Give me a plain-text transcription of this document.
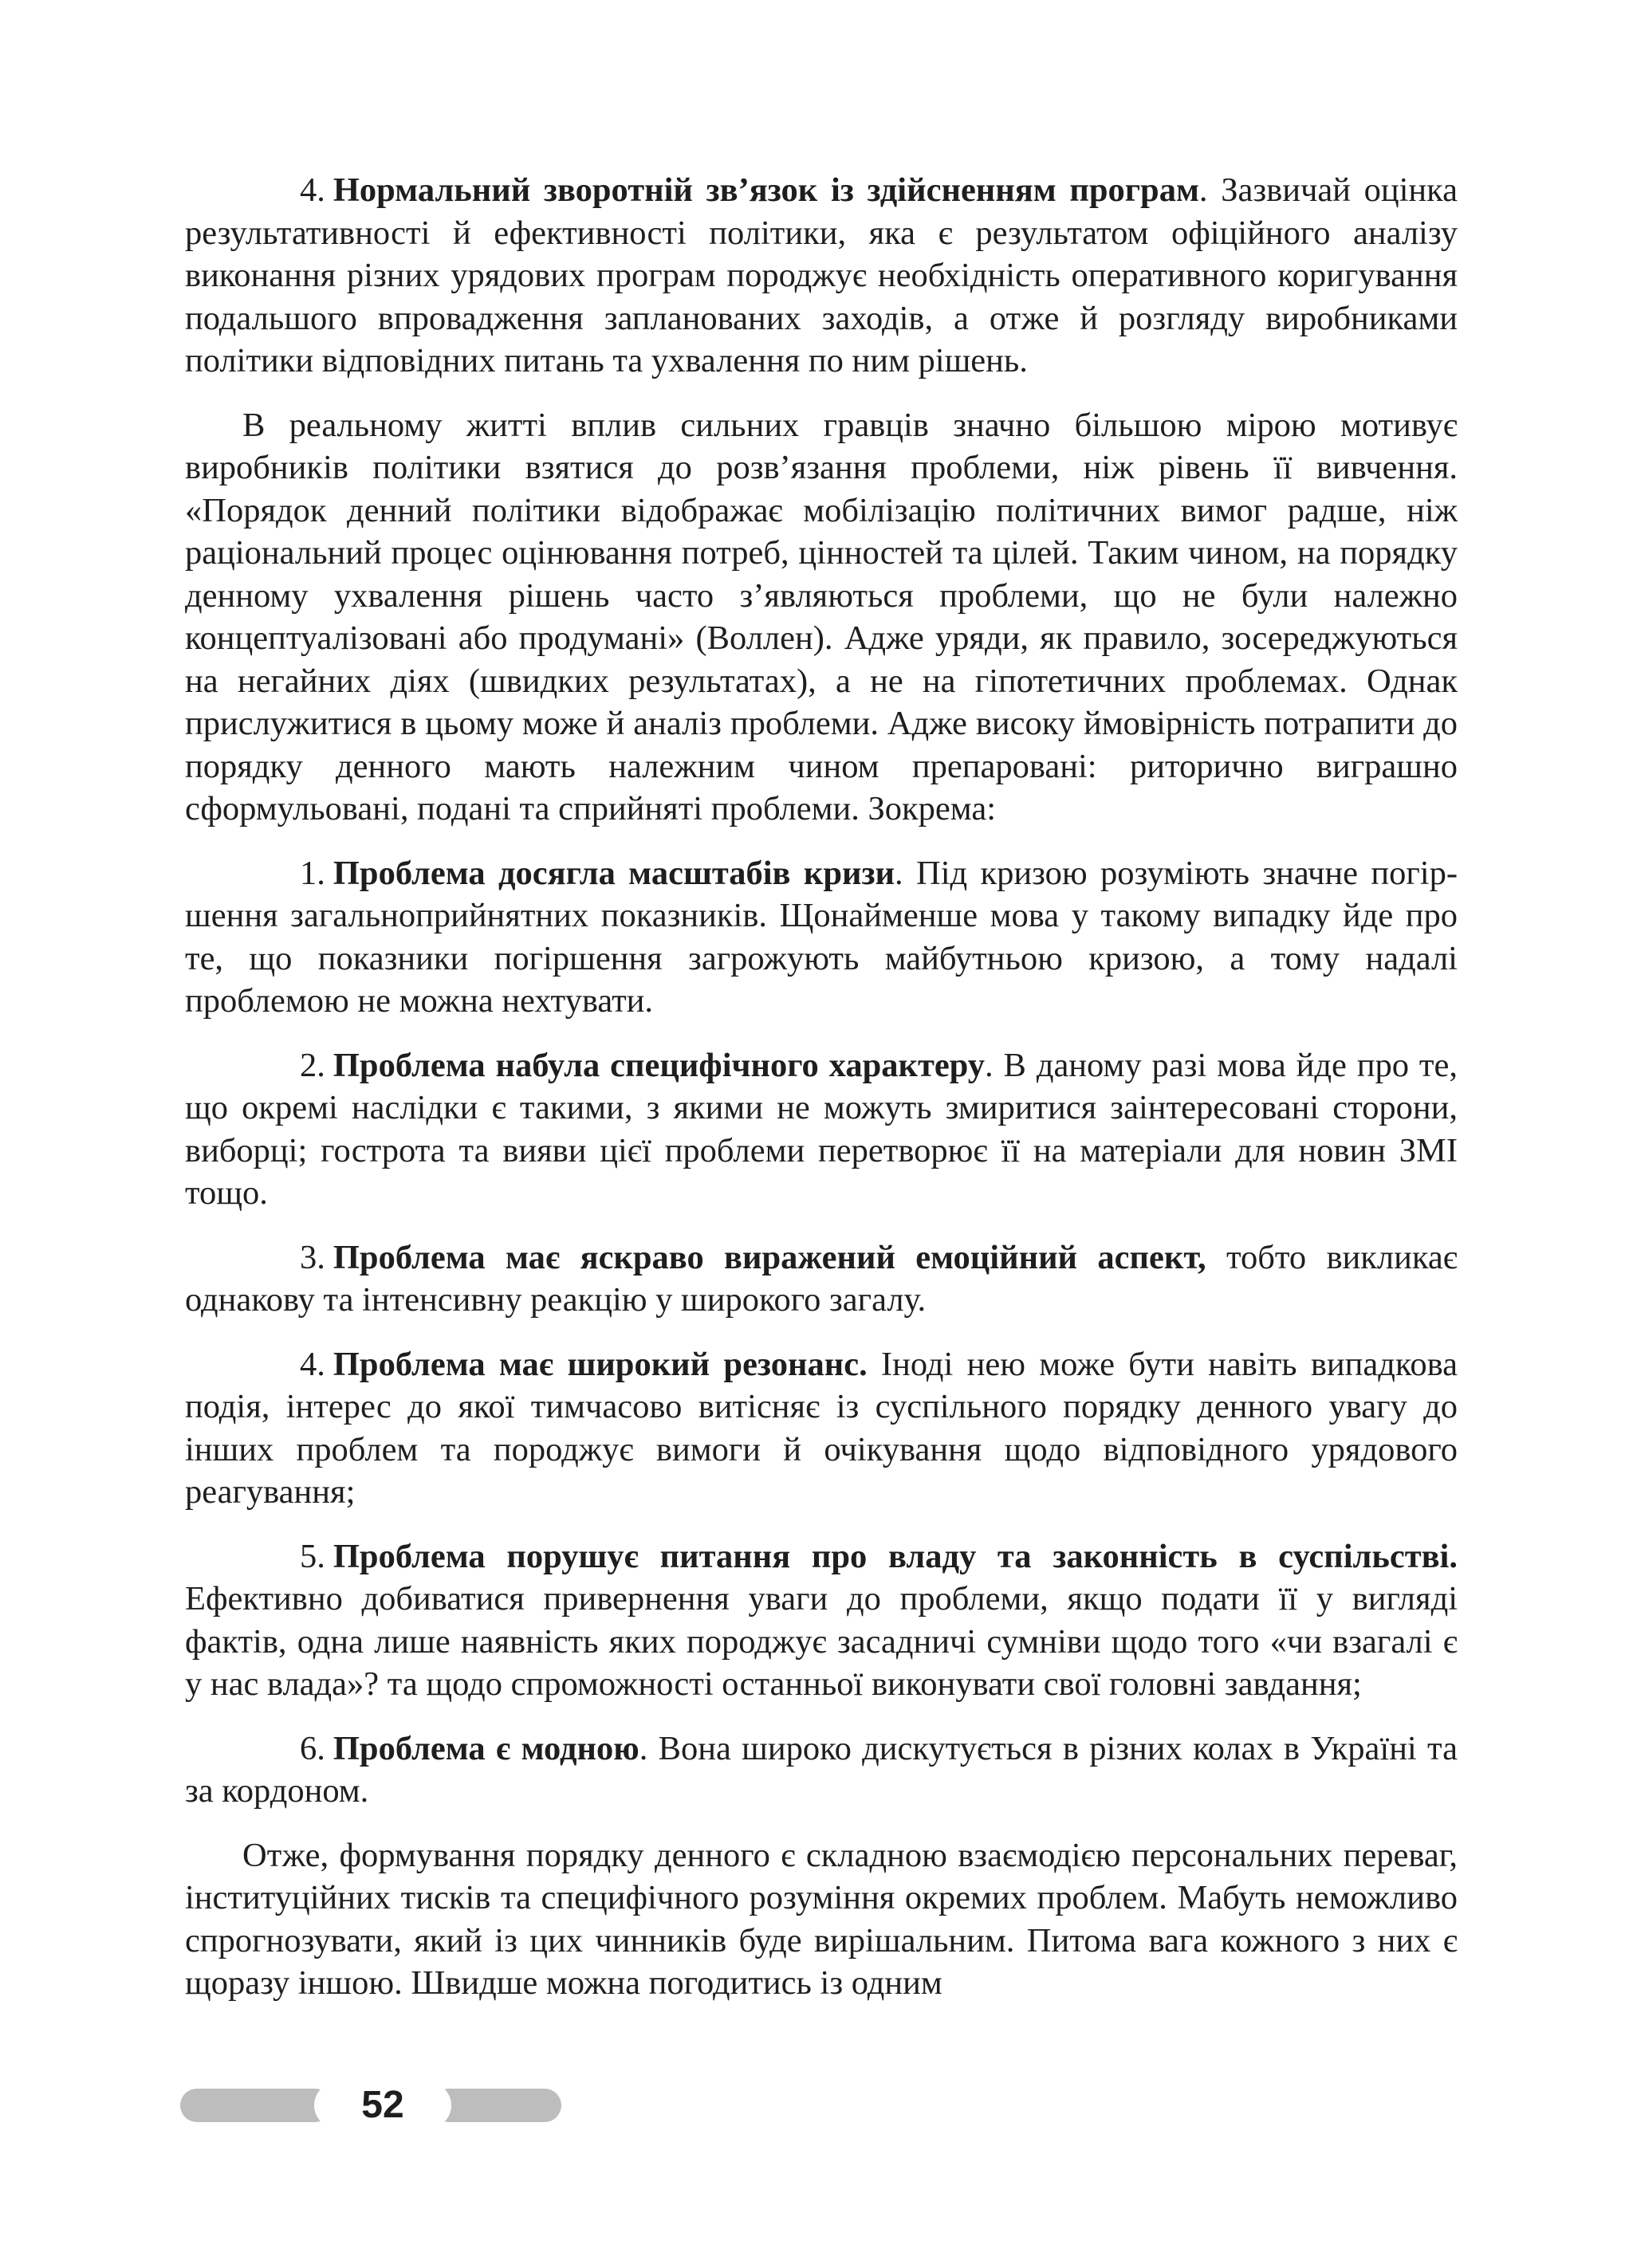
4. Нормальний зворотній зв’язок із здійсненням програм. Зазвичай оцінка результативності й ефективності політики, яка є результатом офіційного аналізу виконання різних урядових програм породжує необхідність оперативного коригування подальшого впровадження запланованих заходів, а отже й розгляду виробниками політики відповідних питань та ухвалення по ним рішень.

В реальному житті вплив сильних гравців значно більшою мірою мотивує виробників політики взятися до розв’язання проблеми, ніж рівень її вивчення. «Порядок денний політики відображає мобілізацію політичних вимог радше, ніж раціональний процес оцінювання потреб, цінностей та цілей. Таким чином, на порядку денному ухвалення рішень часто з’являються проблеми, що не були належно концептуалізовані або продумані» (Воллен). Адже уряди, як правило, зосереджуються на негайних діях (швидких результатах), а не на гіпотетичних проблемах. Однак прислужитися в цьому може й аналіз проблеми. Адже високу ймовірність потрапити до порядку денного мають належним чином препаровані: риторично виграшно сформульовані, подані та сприйняті проблеми. Зокрема:

1. Проблема досягла масштабів кризи. Під кризою розуміють значне погіршення загальноприйнятних показників. Щонайменше мова у такому випадку йде про те, що показники погіршення загрожують майбутньою кризою, а тому надалі проблемою не можна нехтувати.

2. Проблема набула специфічного характеру. В даному разі мова йде про те, що окремі наслідки є такими, з якими не можуть змиритися заінтересовані сторони, виборці; гострота та вияви цієї проблеми перетворює її на матеріали для новин ЗМІ тощо.

3. Проблема має яскраво виражений емоційний аспект, тобто викликає однакову та інтенсивну реакцію у широкого загалу.

4. Проблема має широкий резонанс. Іноді нею може бути навіть випадкова подія, інтерес до якої тимчасово витісняє із суспільного порядку денного увагу до інших проблем та породжує вимоги й очікування щодо відповідного урядового реагування;

5. Проблема порушує питання про владу та законність в суспільстві. Ефективно добиватися привернення уваги до проблеми, якщо подати її у вигляді фактів, одна лише наявність яких породжує засадничі сумніви щодо того «чи взагалі є у нас влада»? та щодо спроможності останньої виконувати свої головні завдання;

6. Проблема є модною. Вона широко дискутується в різних колах в Україні та за кордоном.

Отже, формування порядку денного є складною взаємодією персональних переваг, інституційних тисків та специфічного розуміння окремих проблем. Мабуть неможливо спрогнозувати, який із цих чинників буде вирішальним. Питома вага кожного з них є щоразу іншою. Швидше можна погодитись із одним

52
